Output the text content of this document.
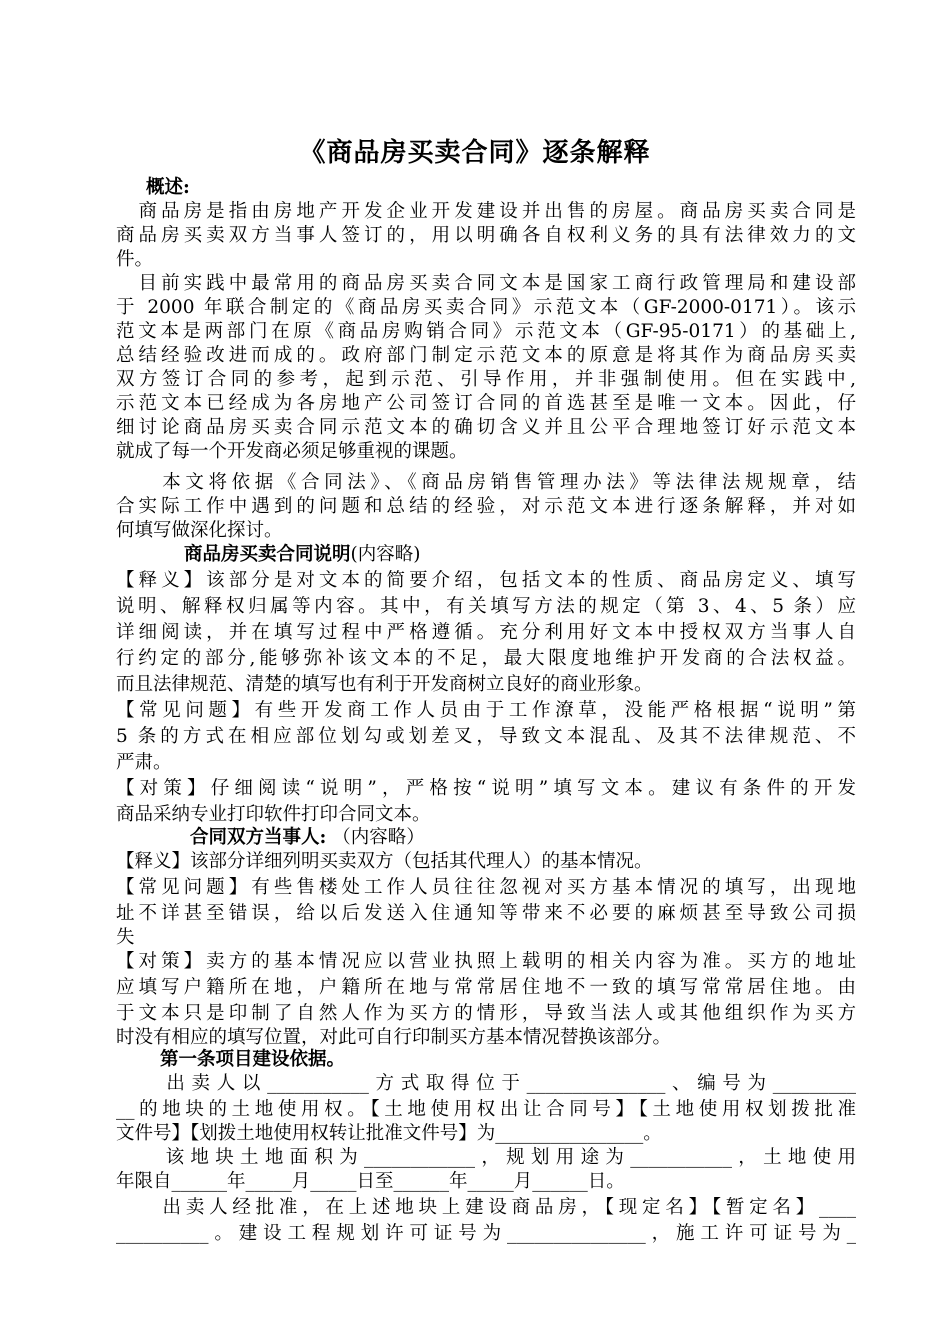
《商品房买卖合同》逐条解释
概述:
　商品房是指由房地产开发企业开发建设并出售的房屋。商品房买卖合同是
商品房买卖双方当事人签订的，用以明确各自权利义务的具有法律效力的文
件。
　目前实践中最常用的商品房买卖合同文本是国家工商行政管理局和建设部
于 2000 年联合制定的《商品房买卖合同》示范文本（GF-2000-0171）。该示
范文本是两部门在原《商品房购销合同》示范文本（GF-95-0171）的基础上,
总结经验改进而成的。政府部门制定示范文本的原意是将其作为商品房买卖
双方签订合同的参考，起到示范、引导作用，并非强制使用。但在实践中,
示范文本已经成为各房地产公司签订合同的首选甚至是唯一文本。因此，仔
细讨论商品房买卖合同示范文本的确切含义并且公平合理地签订好示范文本
就成了每一个开发商必须足够重视的课题。
　　本文将依据《合同法》、《商品房销售管理办法》等法律法规规章，结
合实际工作中遇到的问题和总结的经验，对示范文本进行逐条解释，并对如
何填写做深化探讨。
商品房买卖合同说明(内容略)
【释义】该部分是对文本的简要介绍，包括文本的性质、商品房定义、填写
说明、解释权归属等内容。其中，有关填写方法的规定（第 3、4、5 条）应
详细阅读，并在填写过程中严格遵循。充分利用好文本中授权双方当事人自
行约定的部分,能够弥补该文本的不足，最大限度地维护开发商的合法权益。
而且法律规范、清楚的填写也有利于开发商树立良好的商业形象。
【常见问题】有些开发商工作人员由于工作潦草，没能严格根据“说明”第
5 条的方式在相应部位划勾或划差叉，导致文本混乱、及其不法律规范、不
严肃。
【对策】仔细阅读“说明”，严格按“说明”填写文本。建议有条件的开发
商品采纳专业打印软件打印合同文本。
合同双方当事人: （内容略）
【释义】该部分详细列明买卖双方（包括其代理人）的基本情况。
【常见问题】有些售楼处工作人员往往忽视对买方基本情况的填写，出现地
址不详甚至错误，给以后发送入住通知等带来不必要的麻烦甚至导致公司损
失
【对策】卖方的基本情况应以营业执照上载明的相关内容为准。买方的地址
应填写户籍所在地，户籍所在地与常常居住地不一致的填写常常居住地。由
于文本只是印制了自然人作为买方的情形，导致当法人或其他组织作为买方
时没有相应的填写位置，对此可自行印制买方基本情况替换该部分。
第一条项目建设依据。
　　出卖人以___________方式取得位于_______________、编号为_________
__的地块的土地使用权。【土地使用权出让合同号】【土地使用权划拨批准
文件号】【划拨土地使用权转让批准文件号】为________________。
　　该地块土地面积为____________，规划用途为___________，土地使用
年限自______年_____月_____日至______年_____月______日。
　　出卖人经批准，在上述地块上建设商品房，【现定名】【暂定名】____
__________。建设工程规划许可证号为_______________，施工许可证号为_
